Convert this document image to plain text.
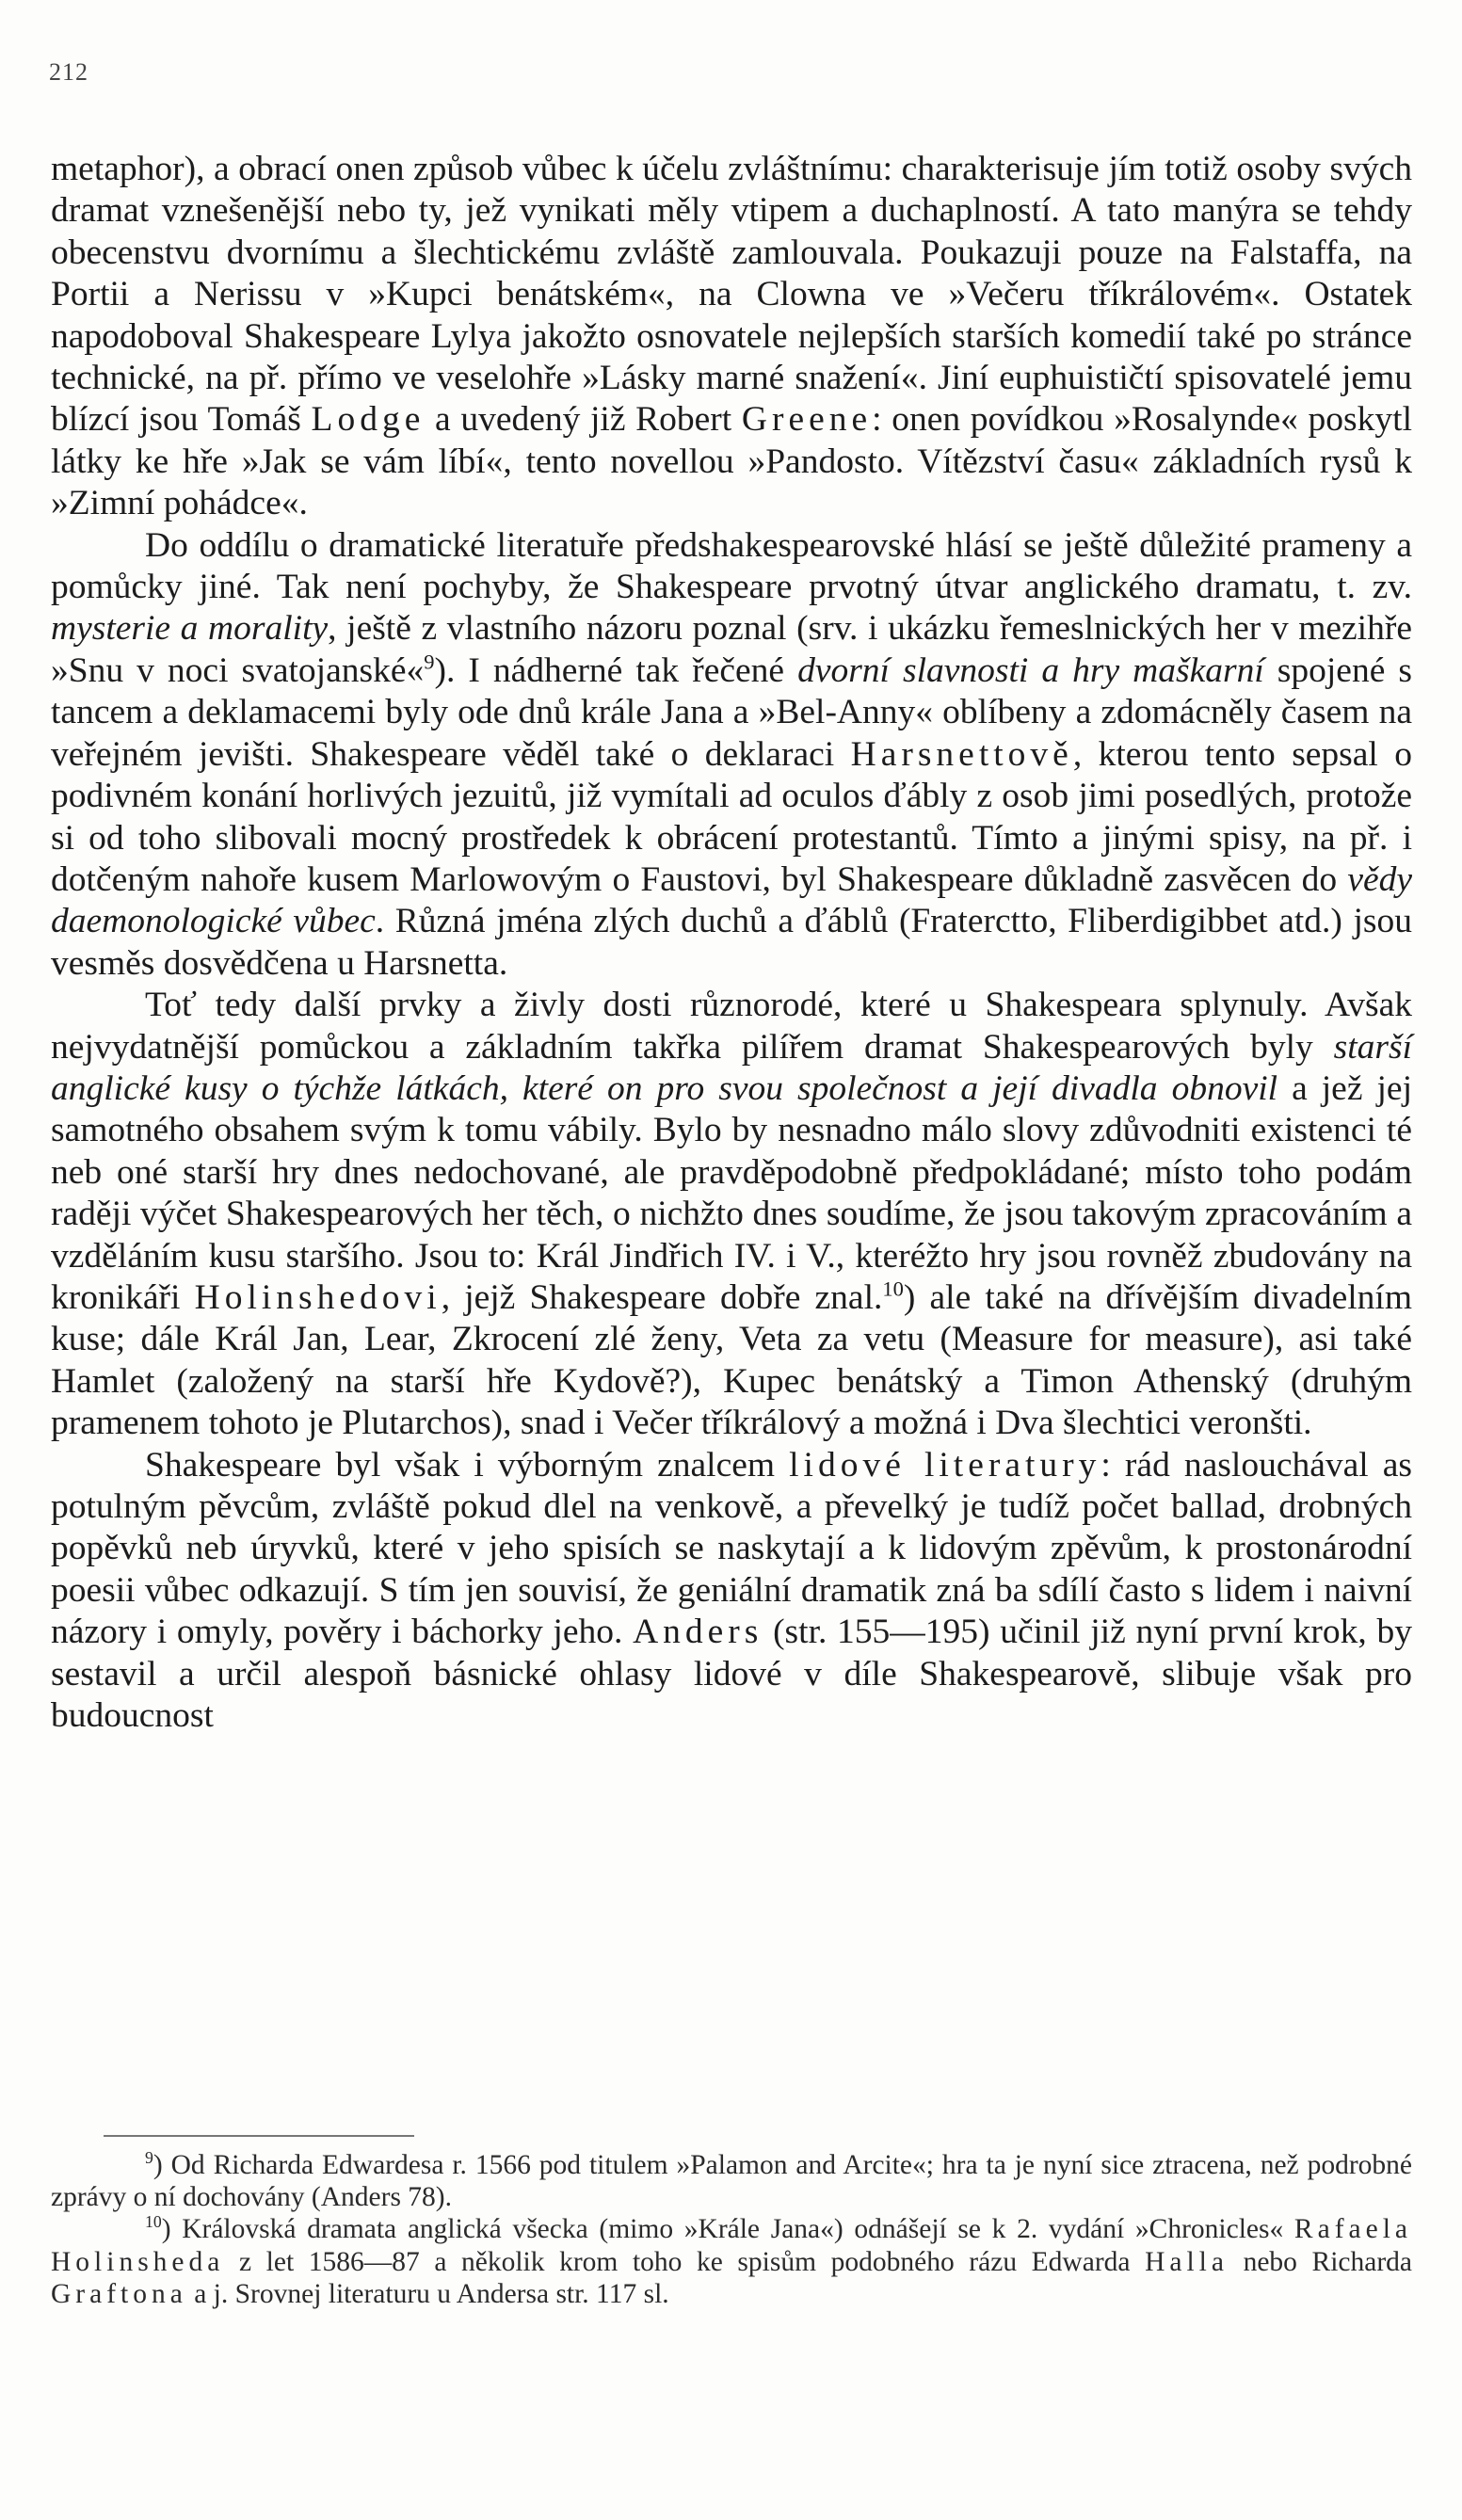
212

metaphor), a obrací onen způsob vůbec k účelu zvláštnímu: charakterisuje jím totiž osoby svých dramat vznešenější nebo ty, jež vynikati měly vtipem a duchaplností. A tato manýra se tehdy obecenstvu dvornímu a šlechtickému zvláště zamlouvala. Poukazuji pouze na Falstaffa, na Portii a Nerissu v »Kupci benátském«, na Clowna ve »Večeru tříkrálovém«. Ostatek napodoboval Shakespeare Lylya jakožto osnovatele nejlepších starších komedií také po stránce technické, na př. přímo ve veselohře »Lásky marné snažení«. Jiní euphuističtí spisovatelé jemu blízcí jsou Tomáš Lodge a uvedený již Robert Greene: onen povídkou »Rosalynde« poskytl látky ke hře »Jak se vám líbí«, tento novellou »Pandosto. Vítězství času« základních rysů k »Zimní pohádce«.

Do oddílu o dramatické literatuře předshakespearovské hlásí se ještě důležité prameny a pomůcky jiné. Tak není pochyby, že Shakespeare prvotný útvar anglického dramatu, t. zv. mysterie a morality, ještě z vlastního názoru poznal (srv. i ukázku řemeslnických her v mezihře »Snu v noci svatojanské«$^9$). I nádherné tak řečené dvorní slavnosti a hry maškarní spojené s tancem a deklamacemi byly ode dnů krále Jana a »Bel-Anny« oblíbeny a zdomácněly časem na veřejném jevišti. Shakespeare věděl také o deklaraci Harsnettově, kterou tento sepsal o podivném konání horlivých jezuitů, již vymítali ad oculos ďábly z osob jimi posedlých, protože si od toho slibovali mocný prostředek k obrácení protestantů. Tímto a jinými spisy, na př. i dotčeným nahoře kusem Marlowovým o Faustovi, byl Shakespeare důkladně zasvěcen do vědy daemonologické vůbec. Různá jména zlých duchů a ďáblů (Fraterctto, Fliberdigibbet atd.) jsou vesměs dosvědčena u Harsnetta.

Toť tedy další prvky a živly dosti různorodé, které u Shakespeara splynuly. Avšak nejvydatnější pomůckou a základním takřka pilířem dramat Shakespearových byly starší anglické kusy o týchže látkách, které on pro svou společnost a její divadla obnovil a jež jej samotného obsahem svým k tomu vábily. Bylo by nesnadno málo slovy zdůvodniti existenci té neb oné starší hry dnes nedochované, ale pravděpodobně předpokládané; místo toho podám raději výčet Shakespearových her těch, o nichžto dnes soudíme, že jsou takovým zpracováním a vzděláním kusu staršího. Jsou to: Král Jindřich IV. i V., kteréžto hry jsou rovněž zbudovány na kronikáři Holinshedovi, jejž Shakespeare dobře znal.$^{10}$) ale také na dřívějším divadelním kuse; dále Král Jan, Lear, Zkrocení zlé ženy, Veta za vetu (Measure for measure), asi také Hamlet (založený na starší hře Kydově?), Kupec benátský a Timon Athenský (druhým pramenem tohoto je Plutarchos), snad i Večer tříkrálový a možná i Dva šlechtici veronšti.

Shakespeare byl však i výborným znalcem lidové literatury: rád naslouchával as potulným pěvcům, zvláště pokud dlel na venkově, a převelký je tudíž počet ballad, drobných popěvků neb úryvků, které v jeho spisích se naskytají a k lidovým zpěvům, k prostonárodní poesii vůbec odkazují. S tím jen souvisí, že geniální dramatik zná ba sdílí často s lidem i naivní názory i omyly, pověry i báchorky jeho. Anders (str. 155—195) učinil již nyní první krok, by sestavil a určil alespoň básnické ohlasy lidové v díle Shakespearově, slibuje však pro budoucnost

$^9$) Od Richarda Edwardesa r. 1566 pod titulem »Palamon and Arcite«; hra ta je nyní sice ztracena, než podrobné zprávy o ní dochovány (Anders 78).

$^{10}$) Královská dramata anglická všecka (mimo »Krále Jana«) odnášejí se k 2. vydání »Chronicles« Rafaela Holinsheda z let 1586—87 a několik krom toho ke spisům podobného rázu Edwarda Halla nebo Richarda Graftona a j. Srovnej literaturu u Andersa str. 117 sl.
